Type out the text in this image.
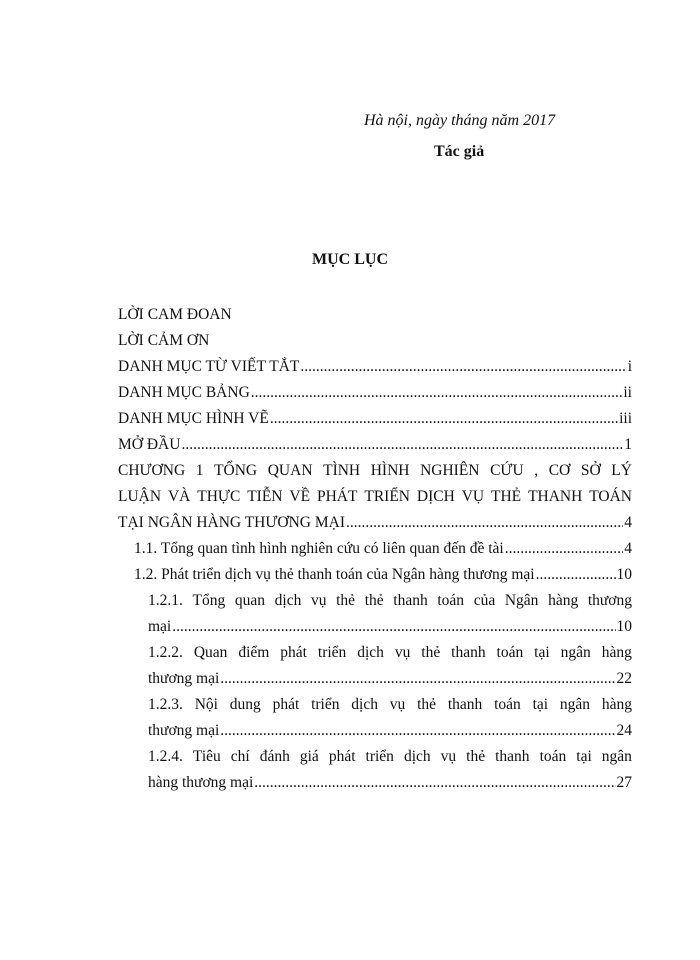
Hà nội, ngày tháng năm 2017
Tác giả
MỤC LỤC
LỜI CAM ĐOAN
LỜI CẢM ƠN
DANH MỤC TỪ VIẾT TẮT .....	i
DANH MỤC BẢNG .....	ii
DANH MỤC HÌNH VẼ .....	iii
MỞ ĐẦU .....	1
CHƯƠNG 1 TỔNG QUAN TÌNH HÌNH NGHIÊN CỨU , CƠ SỞ LÝ
LUẬN VÀ THỰC TIỄN VỀ PHÁT TRIỂN DỊCH VỤ THẺ THANH TOÁN
TẠI NGÂN HÀNG THƯƠNG MẠI .....	4
1.1. Tổng quan tình hình nghiên cứu có liên quan đến đề tài .....	4
1.2. Phát triển dịch vụ thẻ thanh toán của Ngân hàng thương mại .....	10
1.2.1. Tổng quan dịch vụ thẻ thẻ thanh toán của Ngân hàng thương
mại .....	10
1.2.2. Quan điểm phát triển dịch vụ thẻ thanh toán tại ngân hàng
thương mại .....	22
1.2.3. Nội dung phát triển dịch vụ thẻ thanh toán tại ngân hàng
thương mại .....	24
1.2.4. Tiêu chí đánh giá phát triển dịch vụ thẻ thanh toán tại ngân
hàng thương mại .....	27
